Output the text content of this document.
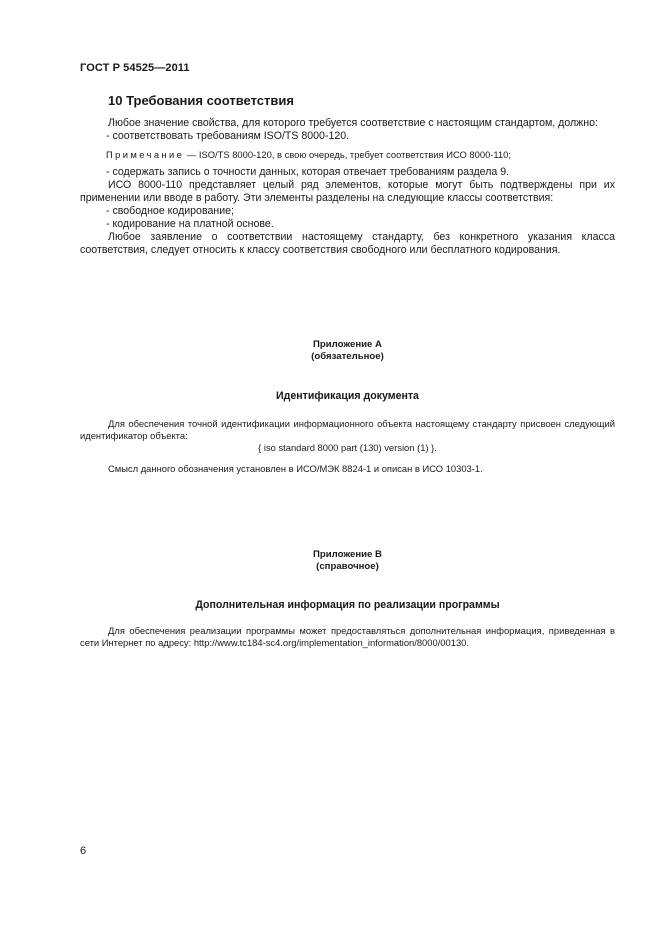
ГОСТ Р 54525—2011
10 Требования соответствия

Любое значение свойства, для которого требуется соответствие с настоящим стандартом, должно:

- соответствовать требованиям ISO/TS 8000-120.

Примечание — ISO/TS 8000-120, в свою очередь, требует соответствия ИСО 8000-110;

- содержать запись о точности данных, которая отвечает требованиям раздела 9.

ИСО 8000-110 представляет целый ряд элементов, которые могут быть подтверждены при их применении или вводе в работу. Эти элементы разделены на следующие классы соответствия:

- свободное кодирование;

- кодирование на платной основе.

Любое заявление о соответствии настоящему стандарту, без конкретного указания класса соответствия, следует относить к классу соответствия свободного или бесплатного кодирования.

Приложение А
(обязательное)
Идентификация документа

Для обеспечения точной идентификации информационного объекта настоящему стандарту присвоен следующий идентификатор объекта:

{ iso standard 8000 part (130) version (1) }.

Смысл данного обозначения установлен в ИСО/МЭК 8824-1 и описан в ИСО 10303-1.

Приложение В
(справочное)
Дополнительная информация по реализации программы

Для обеспечения реализации программы может предоставляться дополнительная информация, приведенная в сети Интернет по адресу: http://www.tc184-sc4.org/implementation_information/8000/00130.

6
